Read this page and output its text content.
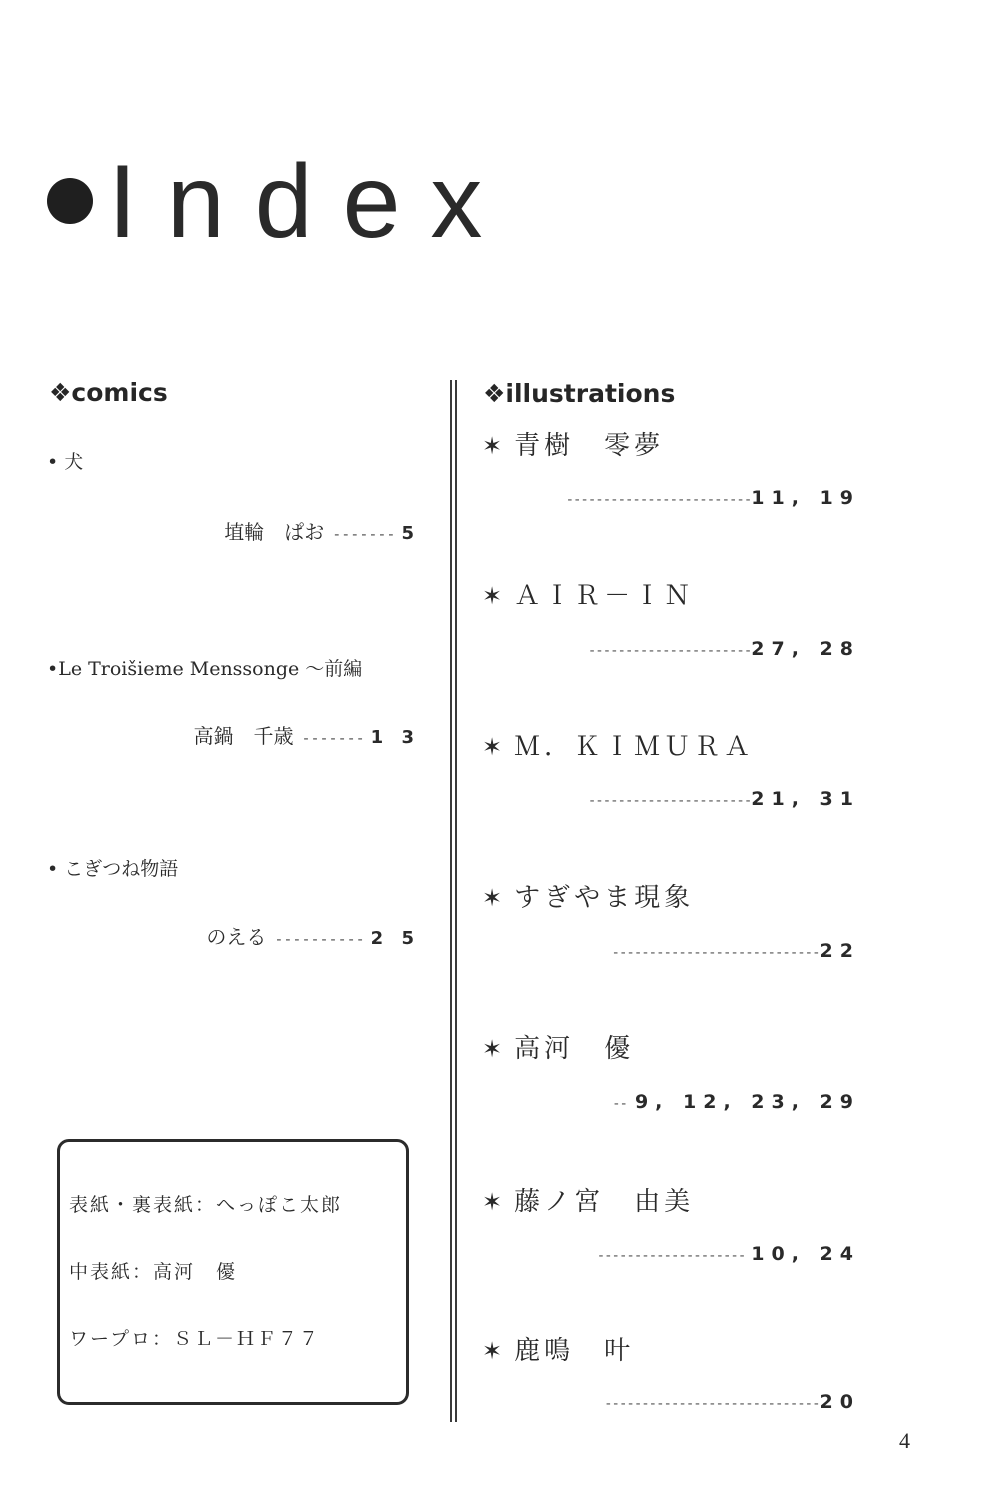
Index
❖comics
• 犬
埴輪　ぱお ------- 5
•Le Troišieme Menssonge ～前編
高鍋　千歳 ------- 1 3
• こぎつね物語
のえる ---------- 2 5
表紙・裏表紙：へっぽこ太郎
中表紙：高河　優
ワープロ：ＳＬ－ＨＦ７７
❖illustrations
✶ 青樹　零夢
------------------------- 11, 19
✶ ＡＩＲ－ＩＮ
---------------------- 27, 28
✶ Ｍ．ＫＩＭＵＲＡ
---------------------- 21, 31
✶ すぎやま現象
---------------------------- 22
✶ 高河　優
-- 9, 12, 23, 29
✶ 藤ノ宮　由美
-------------------- 10, 24
✶ 鹿鳴　叶
----------------------------- 20
4
